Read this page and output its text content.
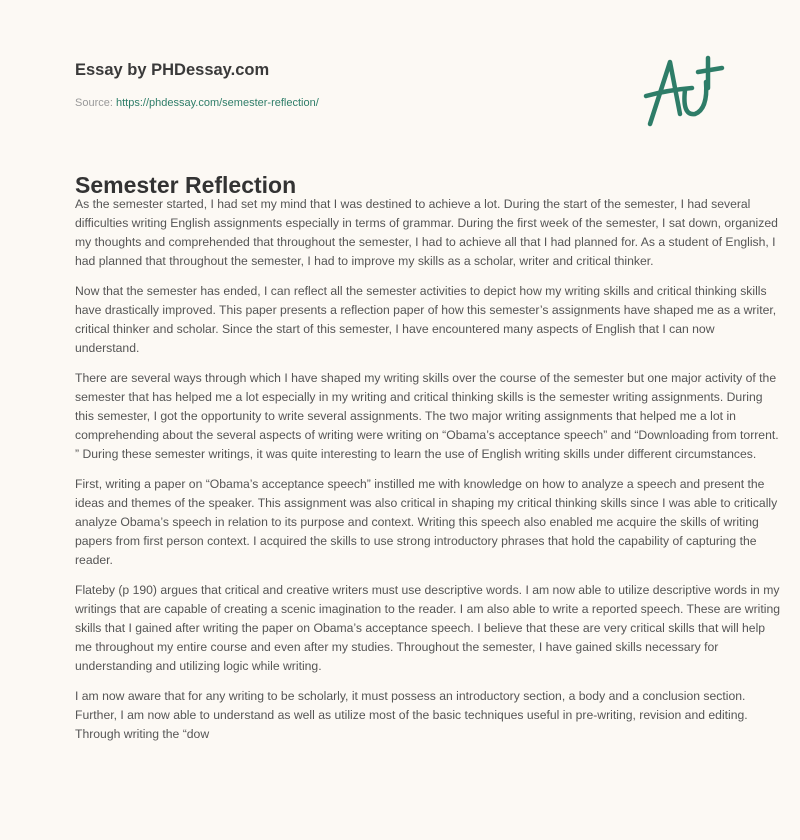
Essay by PHDessay.com
Source: https://phdessay.com/semester-reflection/
Semester Reflection

As the semester started, I had set my mind that I was destined to achieve a lot. During the start of the semester, I had several difficulties writing English assignments especially in terms of grammar. During the first week of the semester, I sat down, organized my thoughts and comprehended that throughout the semester, I had to achieve all that I had planned for. As a student of English, I had planned that throughout the semester, I had to improve my skills as a scholar, writer and critical thinker.

Now that the semester has ended, I can reflect all the semester activities to depict how my writing skills and critical thinking skills have drastically improved. This paper presents a reflection paper of how this semester’s assignments have shaped me as a writer, critical thinker and scholar. Since the start of this semester, I have encountered many aspects of English that I can now understand.

There are several ways through which I have shaped my writing skills over the course of the semester but one major activity of the semester that has helped me a lot especially in my writing and critical thinking skills is the semester writing assignments. During this semester, I got the opportunity to write several assignments. The two major writing assignments that helped me a lot in comprehending about the several aspects of writing were writing on “Obama’s acceptance speech” and “Downloading from torrent. ” During these semester writings, it was quite interesting to learn the use of English writing skills under different circumstances.

First, writing a paper on “Obama’s acceptance speech” instilled me with knowledge on how to analyze a speech and present the ideas and themes of the speaker. This assignment was also critical in shaping my critical thinking skills since I was able to critically analyze Obama’s speech in relation to its purpose and context. Writing this speech also enabled me acquire the skills of writing papers from first person context. I acquired the skills to use strong introductory phrases that hold the capability of capturing the reader.

Flateby (p 190) argues that critical and creative writers must use descriptive words. I am now able to utilize descriptive words in my writings that are capable of creating a scenic imagination to the reader. I am also able to write a reported speech. These are writing skills that I gained after writing the paper on Obama’s acceptance speech. I believe that these are very critical skills that will help me throughout my entire course and even after my studies. Throughout the semester, I have gained skills necessary for understanding and utilizing logic while writing.

I am now aware that for any writing to be scholarly, it must possess an introductory section, a body and a conclusion section. Further, I am now able to understand as well as utilize most of the basic techniques useful in pre-writing, revision and editing. Through writing the “dow
